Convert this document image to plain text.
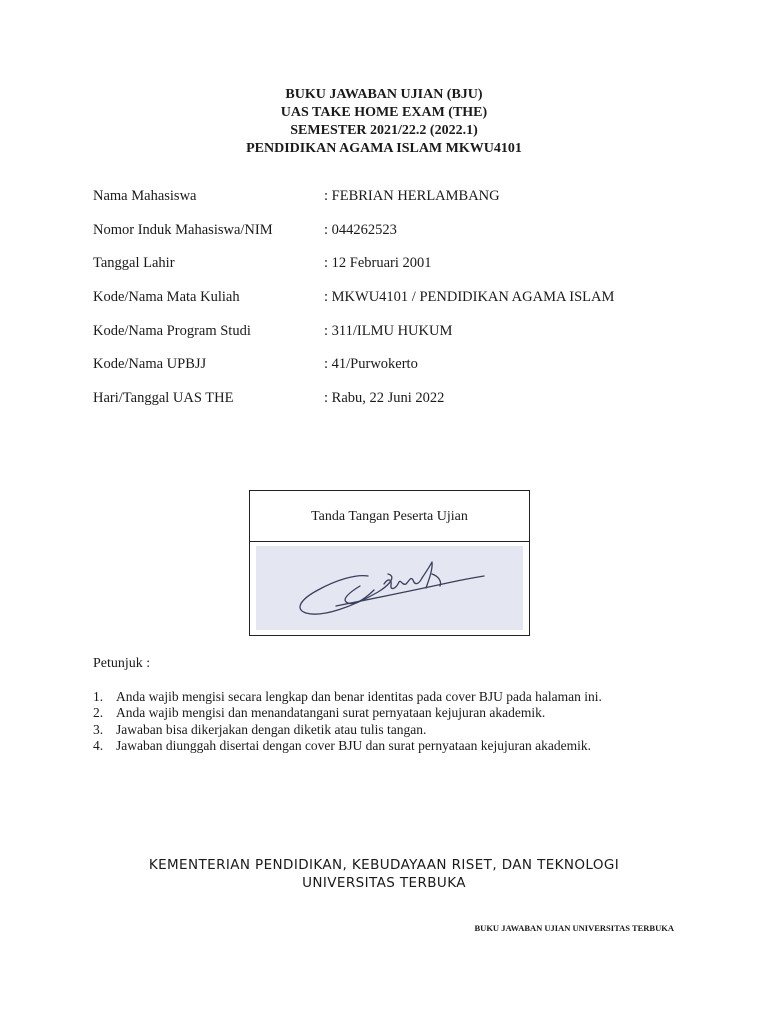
BUKU JAWABAN UJIAN (BJU)
UAS TAKE HOME EXAM (THE)
SEMESTER 2021/22.2 (2022.1)
PENDIDIKAN AGAMA ISLAM MKWU4101
Nama Mahasiswa	: FEBRIAN HERLAMBANG
Nomor Induk Mahasiswa/NIM	: 044262523
Tanggal Lahir	: 12 Februari 2001
Kode/Nama Mata Kuliah	: MKWU4101 / PENDIDIKAN AGAMA ISLAM
Kode/Nama Program Studi	: 311/ILMU HUKUM
Kode/Nama UPBJJ	: 41/Purwokerto
Hari/Tanggal UAS THE	: Rabu, 22 Juni 2022
Tanda Tangan Peserta Ujian
Petunjuk :
1. Anda wajib mengisi secara lengkap dan benar identitas pada cover BJU pada halaman ini.
2. Anda wajib mengisi dan menandatangani surat pernyataan kejujuran akademik.
3. Jawaban bisa dikerjakan dengan diketik atau tulis tangan.
4. Jawaban diunggah disertai dengan cover BJU dan surat pernyataan kejujuran akademik.
KEMENTERIAN PENDIDIKAN, KEBUDAYAAN RISET, DAN TEKNOLOGI
UNIVERSITAS TERBUKA
BUKU JAWABAN UJIAN UNIVERSITAS TERBUKA
